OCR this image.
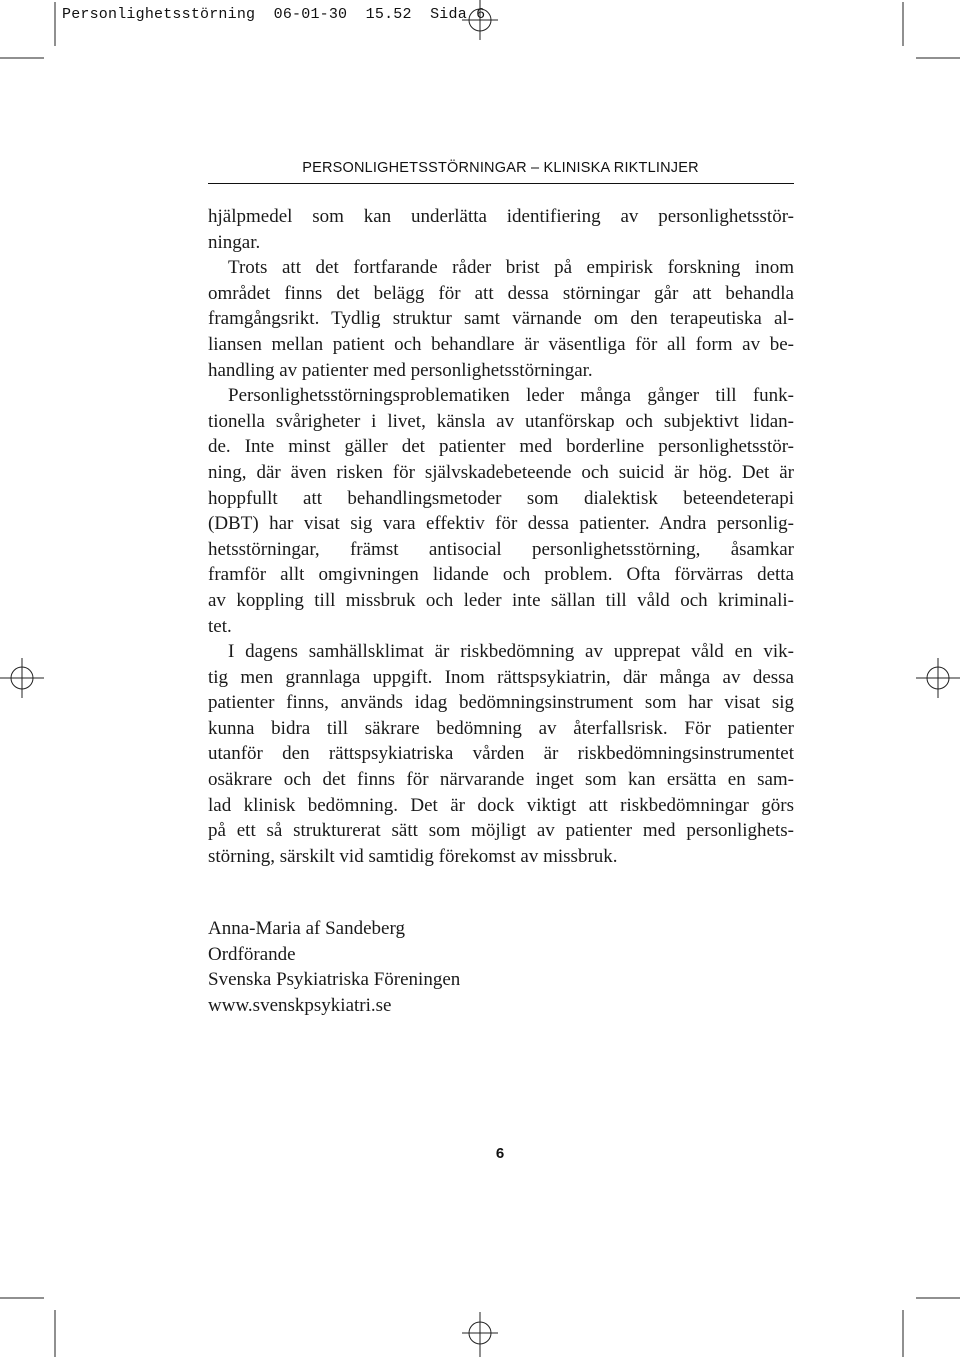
Personlighetsstörning 06-01-30 15.52 Sida 6
PERSONLIGHETSSTÖRNINGAR – KLINISKA RIKTLINJER
hjälpmedel som kan underlätta identifiering av personlighetsstör-
ningar.
Trots att det fortfarande råder brist på empirisk forskning inom
området finns det belägg för att dessa störningar går att behandla
framgångsrikt. Tydlig struktur samt värnande om den terapeutiska al-
liansen mellan patient och behandlare är väsentliga för all form av be-
handling av patienter med personlighetsstörningar.
Personlighetsstörningsproblematiken leder många gånger till funk-
tionella svårigheter i livet, känsla av utanförskap och subjektivt lidan-
de. Inte minst gäller det patienter med borderline personlighetsstör-
ning, där även risken för självskadebeteende och suicid är hög. Det är
hoppfullt att behandlingsmetoder som dialektisk beteendeterapi
(DBT) har visat sig vara effektiv för dessa patienter. Andra personlig-
hetsstörningar, främst antisocial personlighetsstörning, åsamkar
framför allt omgivningen lidande och problem. Ofta förvärras detta
av koppling till missbruk och leder inte sällan till våld och kriminali-
tet.
I dagens samhällsklimat är riskbedömning av upprepat våld en vik-
tig men grannlaga uppgift. Inom rättspsykiatrin, där många av dessa
patienter finns, används idag bedömningsinstrument som har visat sig
kunna bidra till säkrare bedömning av återfallsrisk. För patienter
utanför den rättspsykiatriska vården är riskbedömningsinstrumentet
osäkrare och det finns för närvarande inget som kan ersätta en sam-
lad klinisk bedömning. Det är dock viktigt att riskbedömningar görs
på ett så strukturerat sätt som möjligt av patienter med personlighets-
störning, särskilt vid samtidig förekomst av missbruk.
Anna-Maria af Sandeberg
Ordförande
Svenska Psykiatriska Föreningen
www.svenskpsykiatri.se
6
